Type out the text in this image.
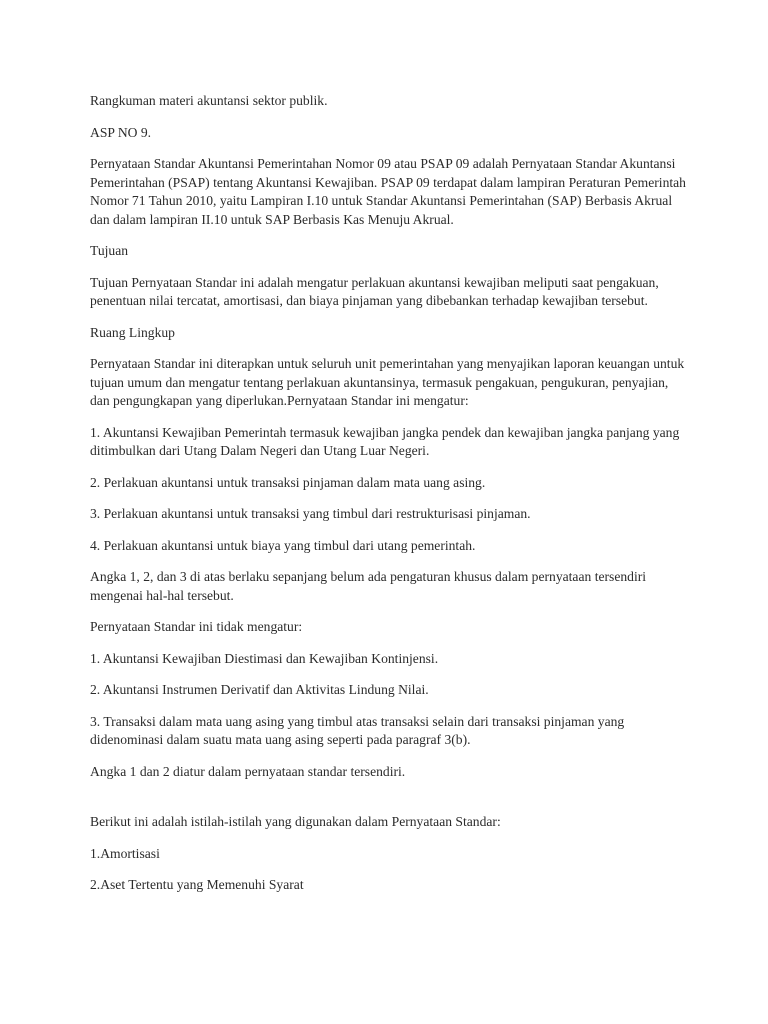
Rangkuman materi akuntansi sektor publik.

ASP NO 9.

Pernyataan Standar Akuntansi Pemerintahan Nomor 09 atau PSAP 09 adalah Pernyataan Standar Akuntansi Pemerintahan (PSAP) tentang Akuntansi Kewajiban. PSAP 09 terdapat dalam lampiran Peraturan Pemerintah Nomor 71 Tahun 2010, yaitu Lampiran I.10 untuk Standar Akuntansi Pemerintahan (SAP) Berbasis Akrual dan dalam lampiran II.10 untuk SAP Berbasis Kas Menuju Akrual.

Tujuan

Tujuan Pernyataan Standar ini adalah mengatur perlakuan akuntansi kewajiban meliputi saat pengakuan, penentuan nilai tercatat, amortisasi, dan biaya pinjaman yang dibebankan terhadap kewajiban tersebut.

Ruang Lingkup

Pernyataan Standar ini diterapkan untuk seluruh unit pemerintahan yang menyajikan laporan keuangan untuk tujuan umum dan mengatur tentang perlakuan akuntansinya, termasuk pengakuan, pengukuran, penyajian, dan pengungkapan yang diperlukan.Pernyataan Standar ini mengatur:

1. Akuntansi Kewajiban Pemerintah termasuk kewajiban jangka pendek dan kewajiban jangka panjang yang ditimbulkan dari Utang Dalam Negeri dan Utang Luar Negeri.

2. Perlakuan akuntansi untuk transaksi pinjaman dalam mata uang asing.

3. Perlakuan akuntansi untuk transaksi yang timbul dari restrukturisasi pinjaman.

4. Perlakuan akuntansi untuk biaya yang timbul dari utang pemerintah.

Angka 1, 2, dan 3 di atas berlaku sepanjang belum ada pengaturan khusus dalam pernyataan tersendiri mengenai hal-hal tersebut.

Pernyataan Standar ini tidak mengatur:

1. Akuntansi Kewajiban Diestimasi dan Kewajiban Kontinjensi.

2. Akuntansi Instrumen Derivatif dan Aktivitas Lindung Nilai.

3. Transaksi dalam mata uang asing yang timbul atas transaksi selain dari transaksi pinjaman yang didenominasi dalam suatu mata uang asing seperti pada paragraf 3(b).

Angka 1 dan 2 diatur dalam pernyataan standar tersendiri.

Berikut ini adalah istilah-istilah yang digunakan dalam Pernyataan Standar:

1.Amortisasi

2.Aset Tertentu yang Memenuhi Syarat
